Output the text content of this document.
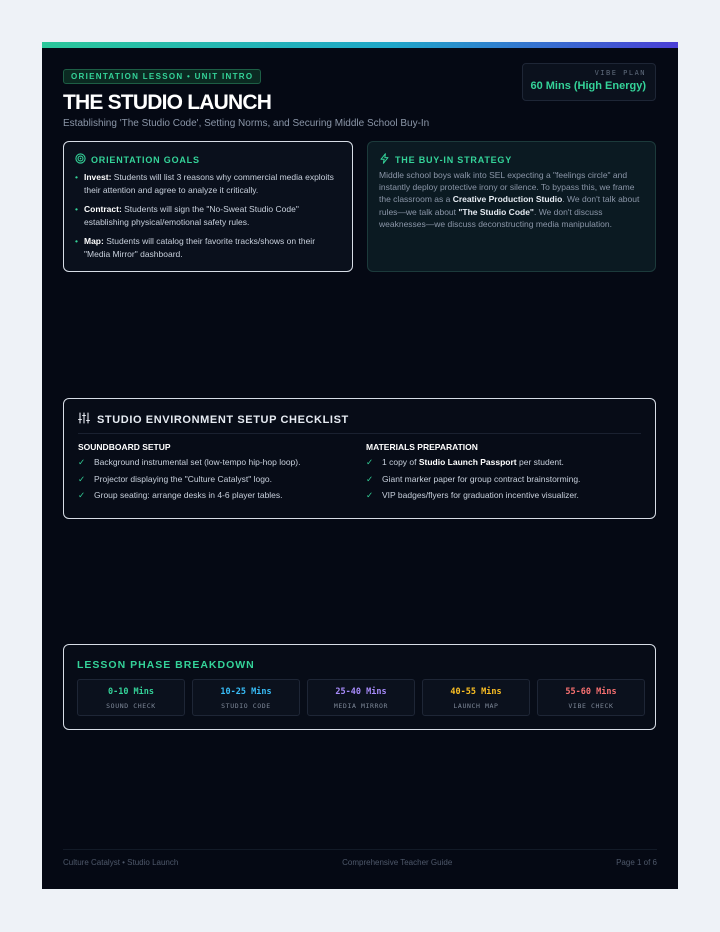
ORIENTATION LESSON • UNIT INTRO	VIBE PLAN
60 Mins (High Energy)
THE STUDIO LAUNCH
Establishing 'The Studio Code', Setting Norms, and Securing Middle School Buy-In
ORIENTATION GOALS
• Invest: Students will list 3 reasons why commercial media exploits their attention and agree to analyze it critically.
• Contract: Students will sign the "No-Sweat Studio Code" establishing physical/emotional safety rules.
• Map: Students will catalog their favorite tracks/shows on their "Media Mirror" dashboard.
THE BUY-IN STRATEGY
Middle school boys walk into SEL expecting a "feelings circle" and instantly deploy protective irony or silence. To bypass this, we frame the classroom as a Creative Production Studio. We don't talk about rules—we talk about "The Studio Code". We don't discuss weaknesses—we discuss deconstructing media manipulation.
STUDIO ENVIRONMENT SETUP CHECKLIST
SOUNDBOARD SETUP
✓	Background instrumental set (low-tempo hip-hop loop).
✓	Projector displaying the "Culture Catalyst" logo.
✓	Group seating: arrange desks in 4-6 player tables.
MATERIALS PREPARATION
✓	1 copy of Studio Launch Passport per student.
✓	Giant marker paper for group contract brainstorming.
✓	VIP badges/flyers for graduation incentive visualizer.
LESSON PHASE BREAKDOWN
0-10 Mins
SOUND CHECK
10-25 Mins
STUDIO CODE
25-40 Mins
MEDIA MIRROR
40-55 Mins
LAUNCH MAP
55-60 Mins
VIBE CHECK
Culture Catalyst • Studio Launch	Comprehensive Teacher Guide	Page 1 of 6
